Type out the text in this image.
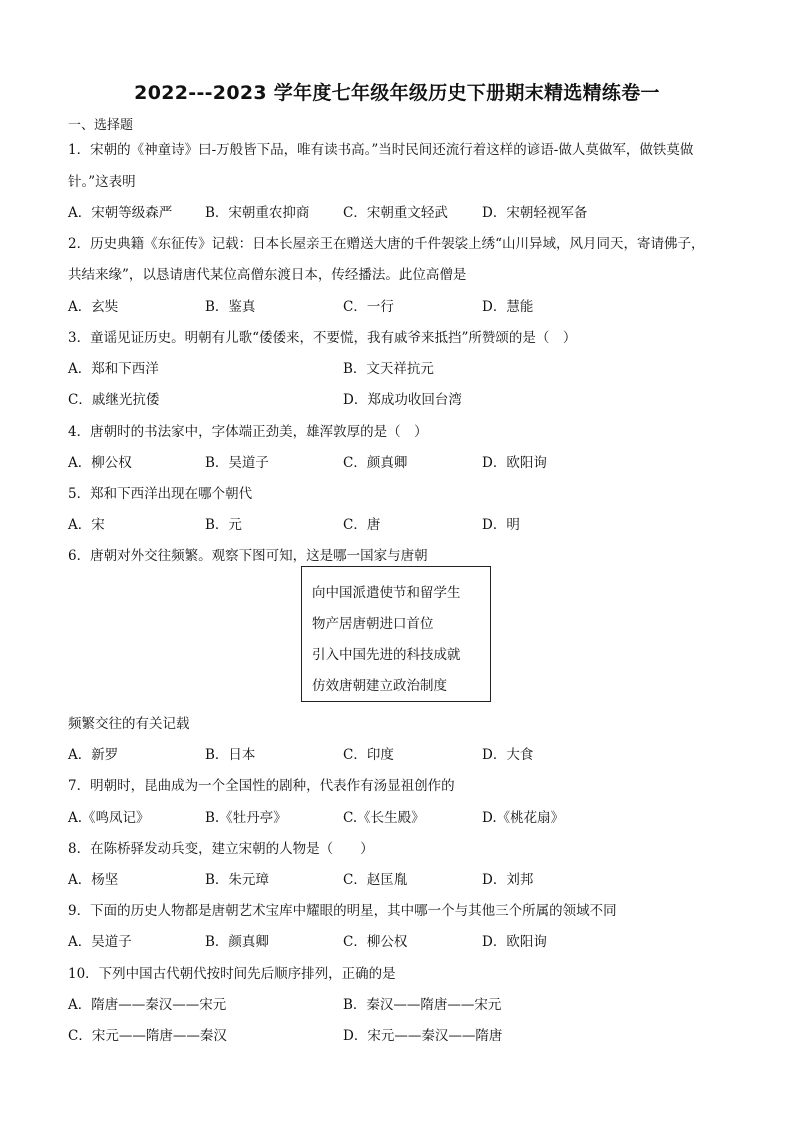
2022---2023 学年度七年级年级历史下册期末精选精练卷一
一、选择题
1．宋朝的《神童诗》曰-万般皆下品，唯有读书高。”当时民间还流行着这样的谚语-做人莫做军，做铁莫做
针。”这表明
A．宋朝等级森严 B．宋朝重农抑商 C．宋朝重文轻武	D．宋朝轻视军备
2．历史典籍《东征传》记载：日本长屋亲王在赠送大唐的千件袈裟上绣“山川异域，风月同天，寄请佛子，
共结来缘”，以恳请唐代某位高僧东渡日本，传经播法。此位高僧是
A．玄奘	B．鉴真	C．一行	D．慧能
3．童谣见证历史。明朝有儿歌“倭倭来，不要慌，我有戚爷来抵挡”所赞颂的是（　）
A．郑和下西洋	B．文天祥抗元
C．戚继光抗倭	D．郑成功收回台湾
4．唐朝时的书法家中，字体端正劲美，雄浑敦厚的是（　）
A．柳公权	B．吴道子	C．颜真卿	D．欧阳询
5．郑和下西洋出现在哪个朝代
A．宋	B．元	C．唐	D．明
6．唐朝对外交往频繁。观察下图可知，这是哪一国家与唐朝
向中国派遣使节和留学生
物产居唐朝进口首位
引入中国先进的科技成就
仿效唐朝建立政治制度
频繁交往的有关记载
A．新罗	B．日本	C．印度	D．大食
7．明朝时，昆曲成为一个全国性的剧种，代表作有汤显祖创作的
A.《鸣凤记》	B.《牡丹亭》	C.《长生殿》	D.《桃花扇》
8．在陈桥驿发动兵变，建立宋朝的人物是（　　）
A．杨坚	B．朱元璋	C．赵匡胤	D．刘邦
9．下面的历史人物都是唐朝艺术宝库中耀眼的明星，其中哪一个与其他三个所属的领域不同
A．吴道子	B．颜真卿	C．柳公权	D．欧阳询
10．下列中国古代朝代按时间先后顺序排列，正确的是
A．隋唐——秦汉——宋元	B．秦汉——隋唐——宋元
C．宋元——隋唐——秦汉	D．宋元——秦汉——隋唐
